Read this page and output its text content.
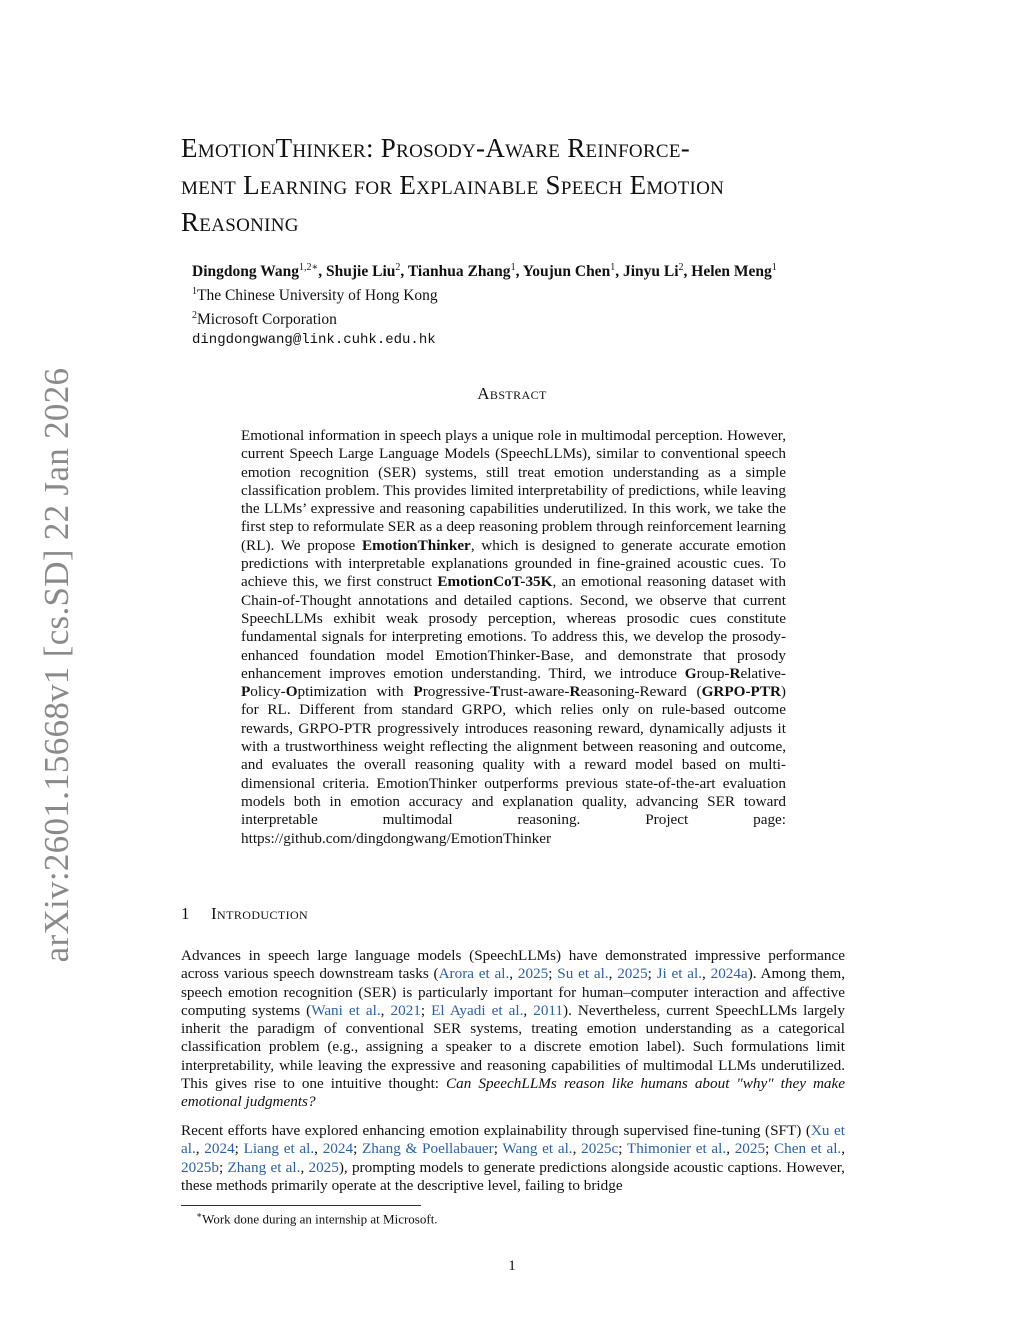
arXiv:2601.15668v1 [cs.SD] 22 Jan 2026
EmotionThinker: Prosody-Aware Reinforce-
ment Learning for Explainable Speech Emotion
Reasoning
Dingdong Wang$^{1,2∗}$, Shujie Liu$^2$, Tianhua Zhang$^1$, Youjun Chen$^1$, Jinyu Li$^2$, Helen Meng$^1$
$^1$The Chinese University of Hong Kong
$^2$Microsoft Corporation
dingdongwang@link.cuhk.edu.hk
Abstract
Emotional information in speech plays a unique role in multimodal perception. However, current Speech Large Language Models (SpeechLLMs), similar to conventional speech emotion recognition (SER) systems, still treat emotion understanding as a simple classification problem. This provides limited interpretability of predictions, while leaving the LLMs’ expressive and reasoning capabilities underutilized. In this work, we take the first step to reformulate SER as a deep reasoning problem through reinforcement learning (RL). We propose EmotionThinker, which is designed to generate accurate emotion predictions with interpretable explanations grounded in fine-grained acoustic cues. To achieve this, we first construct EmotionCoT-35K, an emotional reasoning dataset with Chain-of-Thought annotations and detailed captions. Second, we observe that current SpeechLLMs exhibit weak prosody perception, whereas prosodic cues constitute fundamental signals for interpreting emotions. To address this, we develop the prosody-enhanced foundation model EmotionThinker-Base, and demonstrate that prosody enhancement improves emotion understanding. Third, we introduce Group-Relative-Policy-Optimization with Progressive-Trust-aware-Reasoning-Reward (GRPO-PTR) for RL. Different from standard GRPO, which relies only on rule-based outcome rewards, GRPO-PTR progressively introduces reasoning reward, dynamically adjusts it with a trustworthiness weight reflecting the alignment between reasoning and outcome, and evaluates the overall reasoning quality with a reward model based on multi-dimensional criteria. EmotionThinker outperforms previous state-of-the-art evaluation models both in emotion accuracy and explanation quality, advancing SER toward interpretable multimodal reasoning. Project page: https://github.com/dingdongwang/EmotionThinker
1 Introduction
Advances in speech large language models (SpeechLLMs) have demonstrated impressive performance across various speech downstream tasks (Arora et al., 2025; Su et al., 2025; Ji et al., 2024a). Among them, speech emotion recognition (SER) is particularly important for human–computer interaction and affective computing systems (Wani et al., 2021; El Ayadi et al., 2011). Nevertheless, current SpeechLLMs largely inherit the paradigm of conventional SER systems, treating emotion understanding as a categorical classification problem (e.g., assigning a speaker to a discrete emotion label). Such formulations limit interpretability, while leaving the expressive and reasoning capabilities of multimodal LLMs underutilized. This gives rise to one intuitive thought: Can SpeechLLMs reason like humans about "why" they make emotional judgments?
Recent efforts have explored enhancing emotion explainability through supervised fine-tuning (SFT) (Xu et al., 2024; Liang et al., 2024; Zhang & Poellabauer; Wang et al., 2025c; Thimonier et al., 2025; Chen et al., 2025b; Zhang et al., 2025), prompting models to generate predictions alongside acoustic captions. However, these methods primarily operate at the descriptive level, failing to bridge
∗Work done during an internship at Microsoft.
1
